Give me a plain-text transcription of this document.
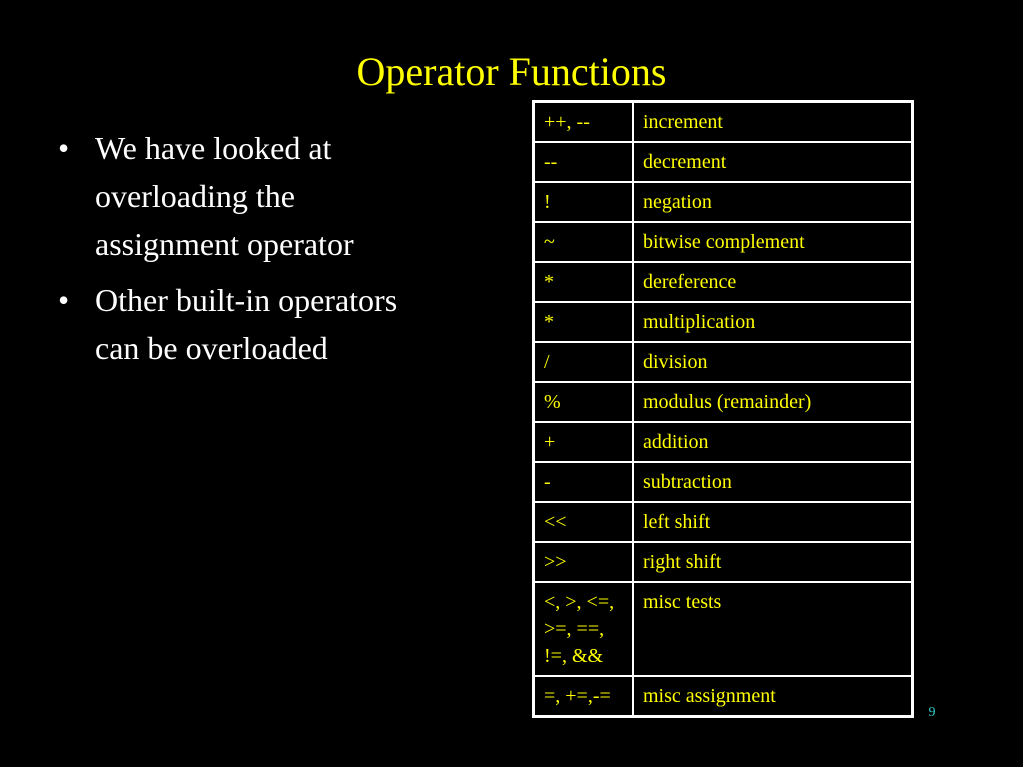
Operator Functions
• We have looked at overloading the assignment operator
• Other built-in operators can be overloaded
++, --	increment
--	decrement
!	negation
~	bitwise complement
*	dereference
*	multiplication
/	division
%	modulus (remainder)
+	addition
-	subtraction
<<	left shift
>>	right shift
<, >, <=, >=, ==, !=, &&	misc tests
=, +=,-=	misc assignment
9
